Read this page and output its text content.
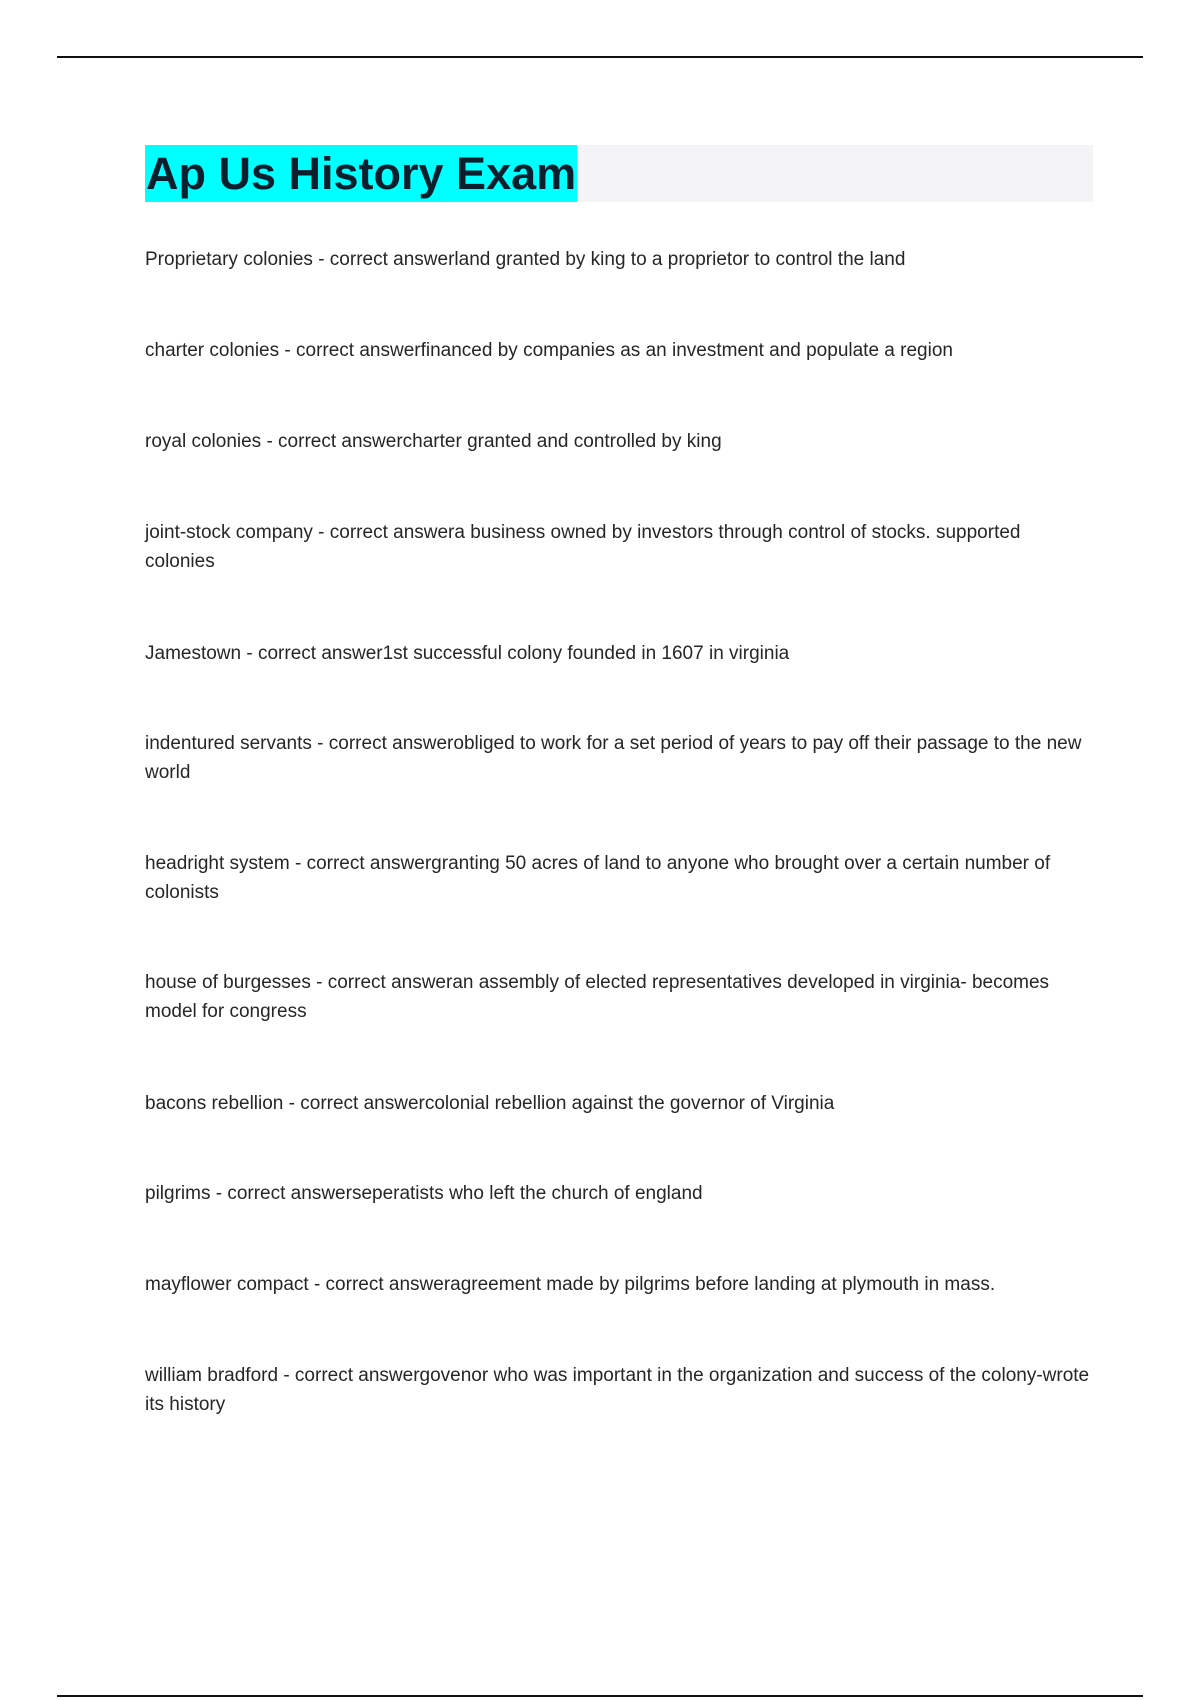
Ap Us History Exam
Proprietary colonies - correct answerland granted by king to a proprietor to control the land
charter colonies - correct answerfinanced by companies as an investment and populate a region
royal colonies - correct answercharter granted and controlled by king
joint-stock company - correct answera business owned by investors through control of stocks. supported colonies
Jamestown - correct answer1st successful colony founded in 1607 in virginia
indentured servants - correct answerobliged to work for a set period of years to pay off their passage to the new world
headright system - correct answergranting 50 acres of land to anyone who brought over a certain number of colonists
house of burgesses - correct answeran assembly of elected representatives developed in virginia- becomes model for congress
bacons rebellion - correct answercolonial rebellion against the governor of Virginia
pilgrims - correct answerseperatists who left the church of england
mayflower compact - correct answeragreement made by pilgrims before landing at plymouth in mass.
william bradford - correct answergovenor who was important in the organization and success of the colony-wrote its history
